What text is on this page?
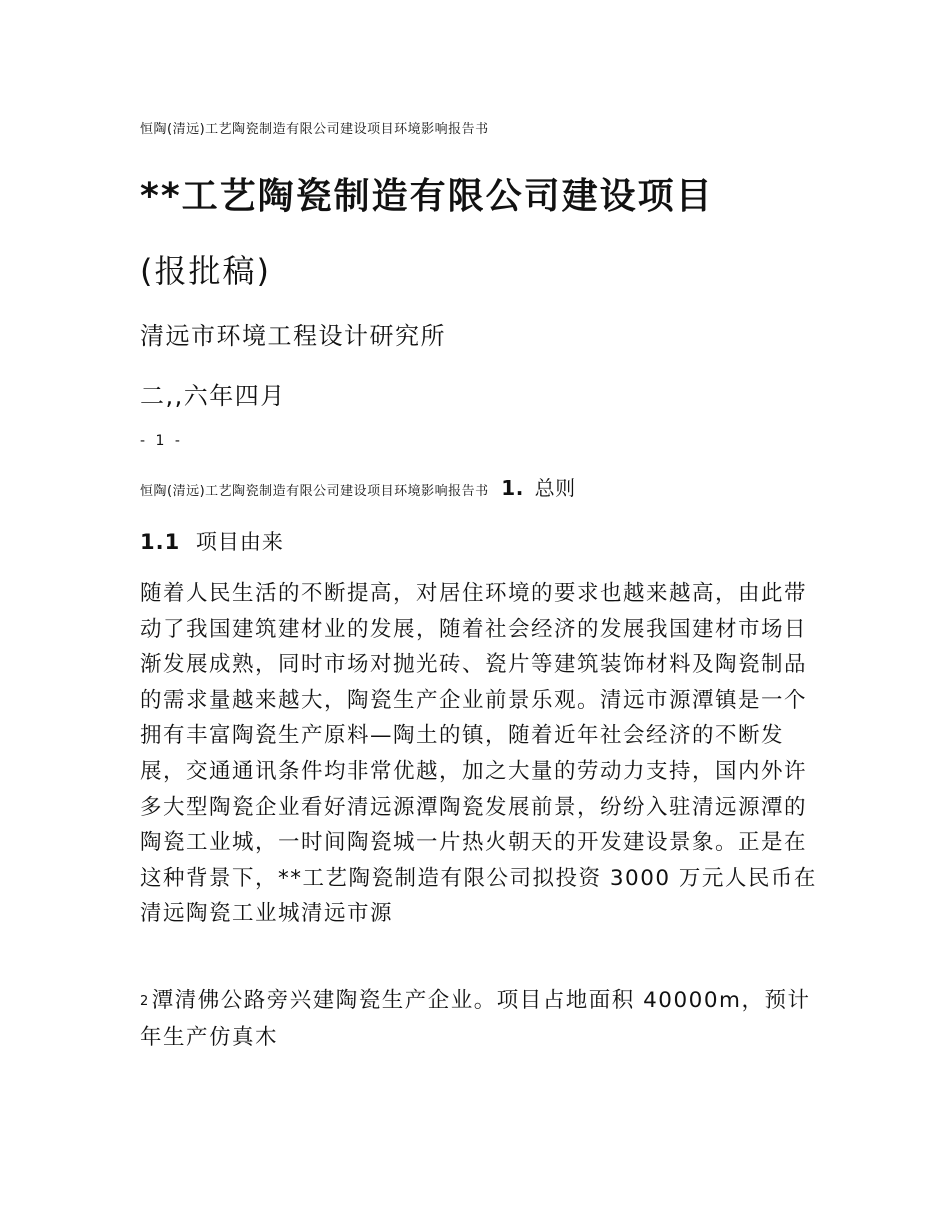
恒陶(清远)工艺陶瓷制造有限公司建设项目环境影响报告书
**工艺陶瓷制造有限公司建设项目
(报批稿)
清远市环境工程设计研究所
二,,六年四月
- 1 -
恒陶(清远)工艺陶瓷制造有限公司建设项目环境影响报告书 1. 总则
1.1 项目由来
随着人民生活的不断提高，对居住环境的要求也越来越高，由此带动了我国建筑建材业的发展，随着社会经济的发展我国建材市场日渐发展成熟，同时市场对抛光砖、瓷片等建筑装饰材料及陶瓷制品的需求量越来越大，陶瓷生产企业前景乐观。清远市源潭镇是一个拥有丰富陶瓷生产原料—陶土的镇，随着近年社会经济的不断发展，交通通讯条件均非常优越，加之大量的劳动力支持，国内外许多大型陶瓷企业看好清远源潭陶瓷发展前景，纷纷入驻清远源潭的陶瓷工业城，一时间陶瓷城一片热火朝天的开发建设景象。正是在这种背景下，**工艺陶瓷制造有限公司拟投资 3000 万元人民币在清远陶瓷工业城清远市源
2潭清佛公路旁兴建陶瓷生产企业。项目占地面积 40000m，预计年生产仿真木
